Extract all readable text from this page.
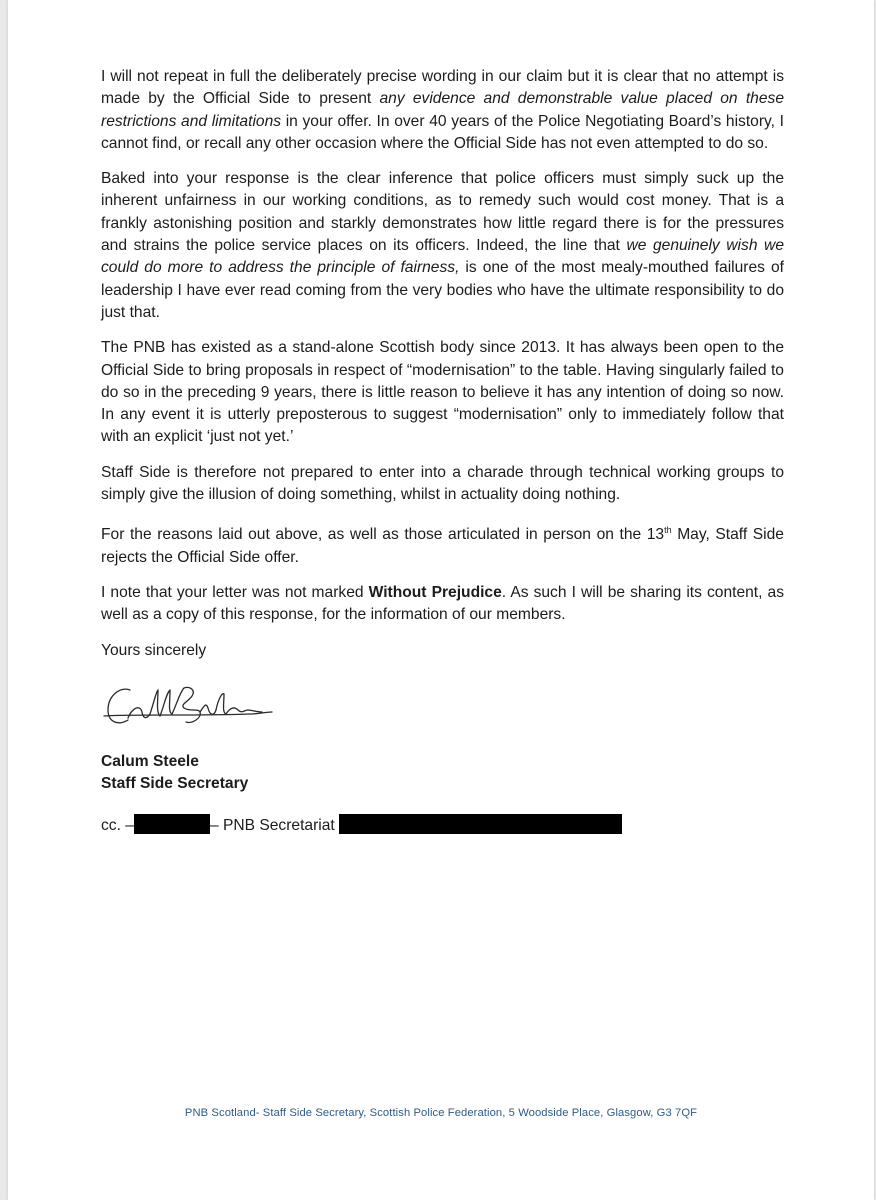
I will not repeat in full the deliberately precise wording in our claim but it is clear that no attempt is made by the Official Side to present any evidence and demonstrable value placed on these restrictions and limitations in your offer. In over 40 years of the Police Negotiating Board’s history, I cannot find, or recall any other occasion where the Official Side has not even attempted to do so.

Baked into your response is the clear inference that police officers must simply suck up the inherent unfairness in our working conditions, as to remedy such would cost money. That is a frankly astonishing position and starkly demonstrates how little regard there is for the pressures and strains the police service places on its officers. Indeed, the line that we genuinely wish we could do more to address the principle of fairness, is one of the most mealy-mouthed failures of leadership I have ever read coming from the very bodies who have the ultimate responsibility to do just that.

The PNB has existed as a stand-alone Scottish body since 2013. It has always been open to the Official Side to bring proposals in respect of “modernisation” to the table. Having singularly failed to do so in the preceding 9 years, there is little reason to believe it has any intention of doing so now. In any event it is utterly preposterous to suggest “modernisation” only to immediately follow that with an explicit ‘just not yet.’

Staff Side is therefore not prepared to enter into a charade through technical working groups to simply give the illusion of doing something, whilst in actuality doing nothing.

For the reasons laid out above, as well as those articulated in person on the 13th May, Staff Side rejects the Official Side offer.

I note that your letter was not marked Without Prejudice. As such I will be sharing its content, as well as a copy of this response, for the information of our members.

Yours sincerely

Calum Steele
Staff Side Secretary
cc. –	– PNB Secretariat
PNB Scotland- Staff Side Secretary, Scottish Police Federation, 5 Woodside Place, Glasgow, G3 7QF
